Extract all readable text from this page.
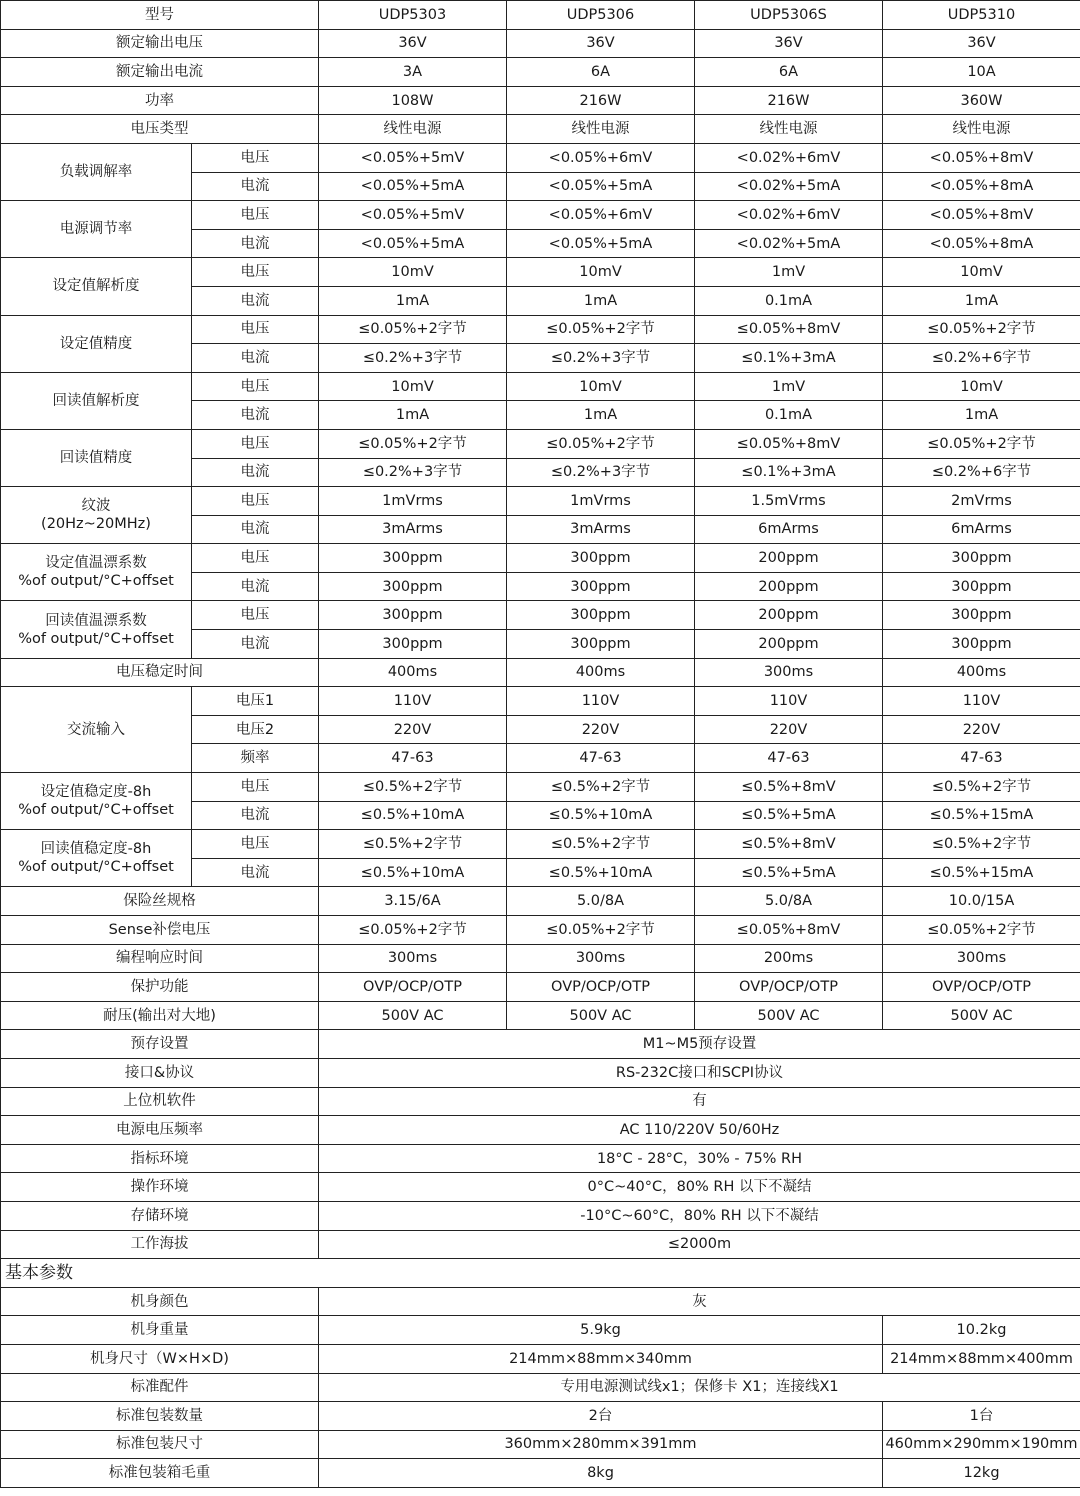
型号		UDP5303	UDP5306	UDP5306S	UDP5310
额定输出电压		36V	36V	36V	36V
额定输出电流		3A	6A	6A	10A
功率		108W	216W	216W	360W
电压类型		线性电源	线性电源	线性电源	线性电源

负载调解率	电压	<0.05%+5mV	<0.05%+6mV	<0.02%+6mV	<0.05%+8mV
	电流	<0.05%+5mA	<0.05%+5mA	<0.02%+5mA	<0.05%+8mA

电源调节率	电压	<0.05%+5mV	<0.05%+6mV	<0.02%+6mV	<0.05%+8mV
	电流	<0.05%+5mA	<0.05%+5mA	<0.02%+5mA	<0.05%+8mA

设定值解析度	电压	10mV	10mV	1mV	10mV
	电流	1mA	1mA	0.1mA	1mA

设定值精度	电压	≤0.05%+2字节	≤0.05%+2字节	≤0.05%+8mV	≤0.05%+2字节
	电流	≤0.2%+3字节	≤0.2%+3字节	≤0.1%+3mA	≤0.2%+6字节

回读值解析度	电压	10mV	10mV	1mV	10mV
	电流	1mA	1mA	0.1mA	1mA

回读值精度	电压	≤0.05%+2字节	≤0.05%+2字节	≤0.05%+8mV	≤0.05%+2字节
	电流	≤0.2%+3字节	≤0.2%+3字节	≤0.1%+3mA	≤0.2%+6字节

纹波
(20Hz~20MHz)	电压	1mVrms	1mVrms	1.5mVrms	2mVrms
	电流	3mArms	3mArms	6mArms	6mArms

设定值温漂系数
%of output/°C+offset	电压	300ppm	300ppm	200ppm	300ppm
	电流	300ppm	300ppm	200ppm	300ppm

回读值温漂系数
%of output/°C+offset	电压	300ppm	300ppm	200ppm	300ppm
	电流	300ppm	300ppm	200ppm	300ppm
电压稳定时间		400ms	400ms	300ms	400ms

交流输入	电压1	110V	110V	110V	110V
	电压2	220V	220V	220V	220V
	频率	47-63	47-63	47-63	47-63

设定值稳定度-8h
%of output/°C+offset	电压	≤0.5%+2字节	≤0.5%+2字节	≤0.5%+8mV	≤0.5%+2字节
	电流	≤0.5%+10mA	≤0.5%+10mA	≤0.5%+5mA	≤0.5%+15mA

回读值稳定度-8h
%of output/°C+offset	电压	≤0.5%+2字节	≤0.5%+2字节	≤0.5%+8mV	≤0.5%+2字节
	电流	≤0.5%+10mA	≤0.5%+10mA	≤0.5%+5mA	≤0.5%+15mA
保险丝规格		3.15/6A	5.0/8A	5.0/8A	10.0/15A
Sense补偿电压		≤0.05%+2字节	≤0.05%+2字节	≤0.05%+8mV	≤0.05%+2字节
编程响应时间		300ms	300ms	200ms	300ms
保护功能		OVP/OCP/OTP	OVP/OCP/OTP	OVP/OCP/OTP	OVP/OCP/OTP
耐压(输出对大地)		500V AC	500V AC	500V AC	500V AC
预存设置		M1~M5预存设置			
接口&协议		RS-232C接口和SCPI协议			
上位机软件		有			
电源电压频率		AC 110/220V 50/60Hz			
指标环境		18°C - 28°C，30% - 75% RH			
操作环境		0°C~40°C，80% RH 以下不凝结			
存储环境		-10°C~60°C，80% RH 以下不凝结			
工作海拔		≤2000m			
基本参数					
机身颜色		灰			
机身重量		5.9kg			10.2kg
机身尺寸（W×H×D)		214mm×88mm×340mm			214mm×88mm×400mm
标准配件		专用电源测试线x1；保修卡 X1；连接线X1			
标准包装数量		2台			1台
标准包装尺寸		360mm×280mm×391mm			460mm×290mm×190mm
标准包装箱毛重		8kg			12kg
